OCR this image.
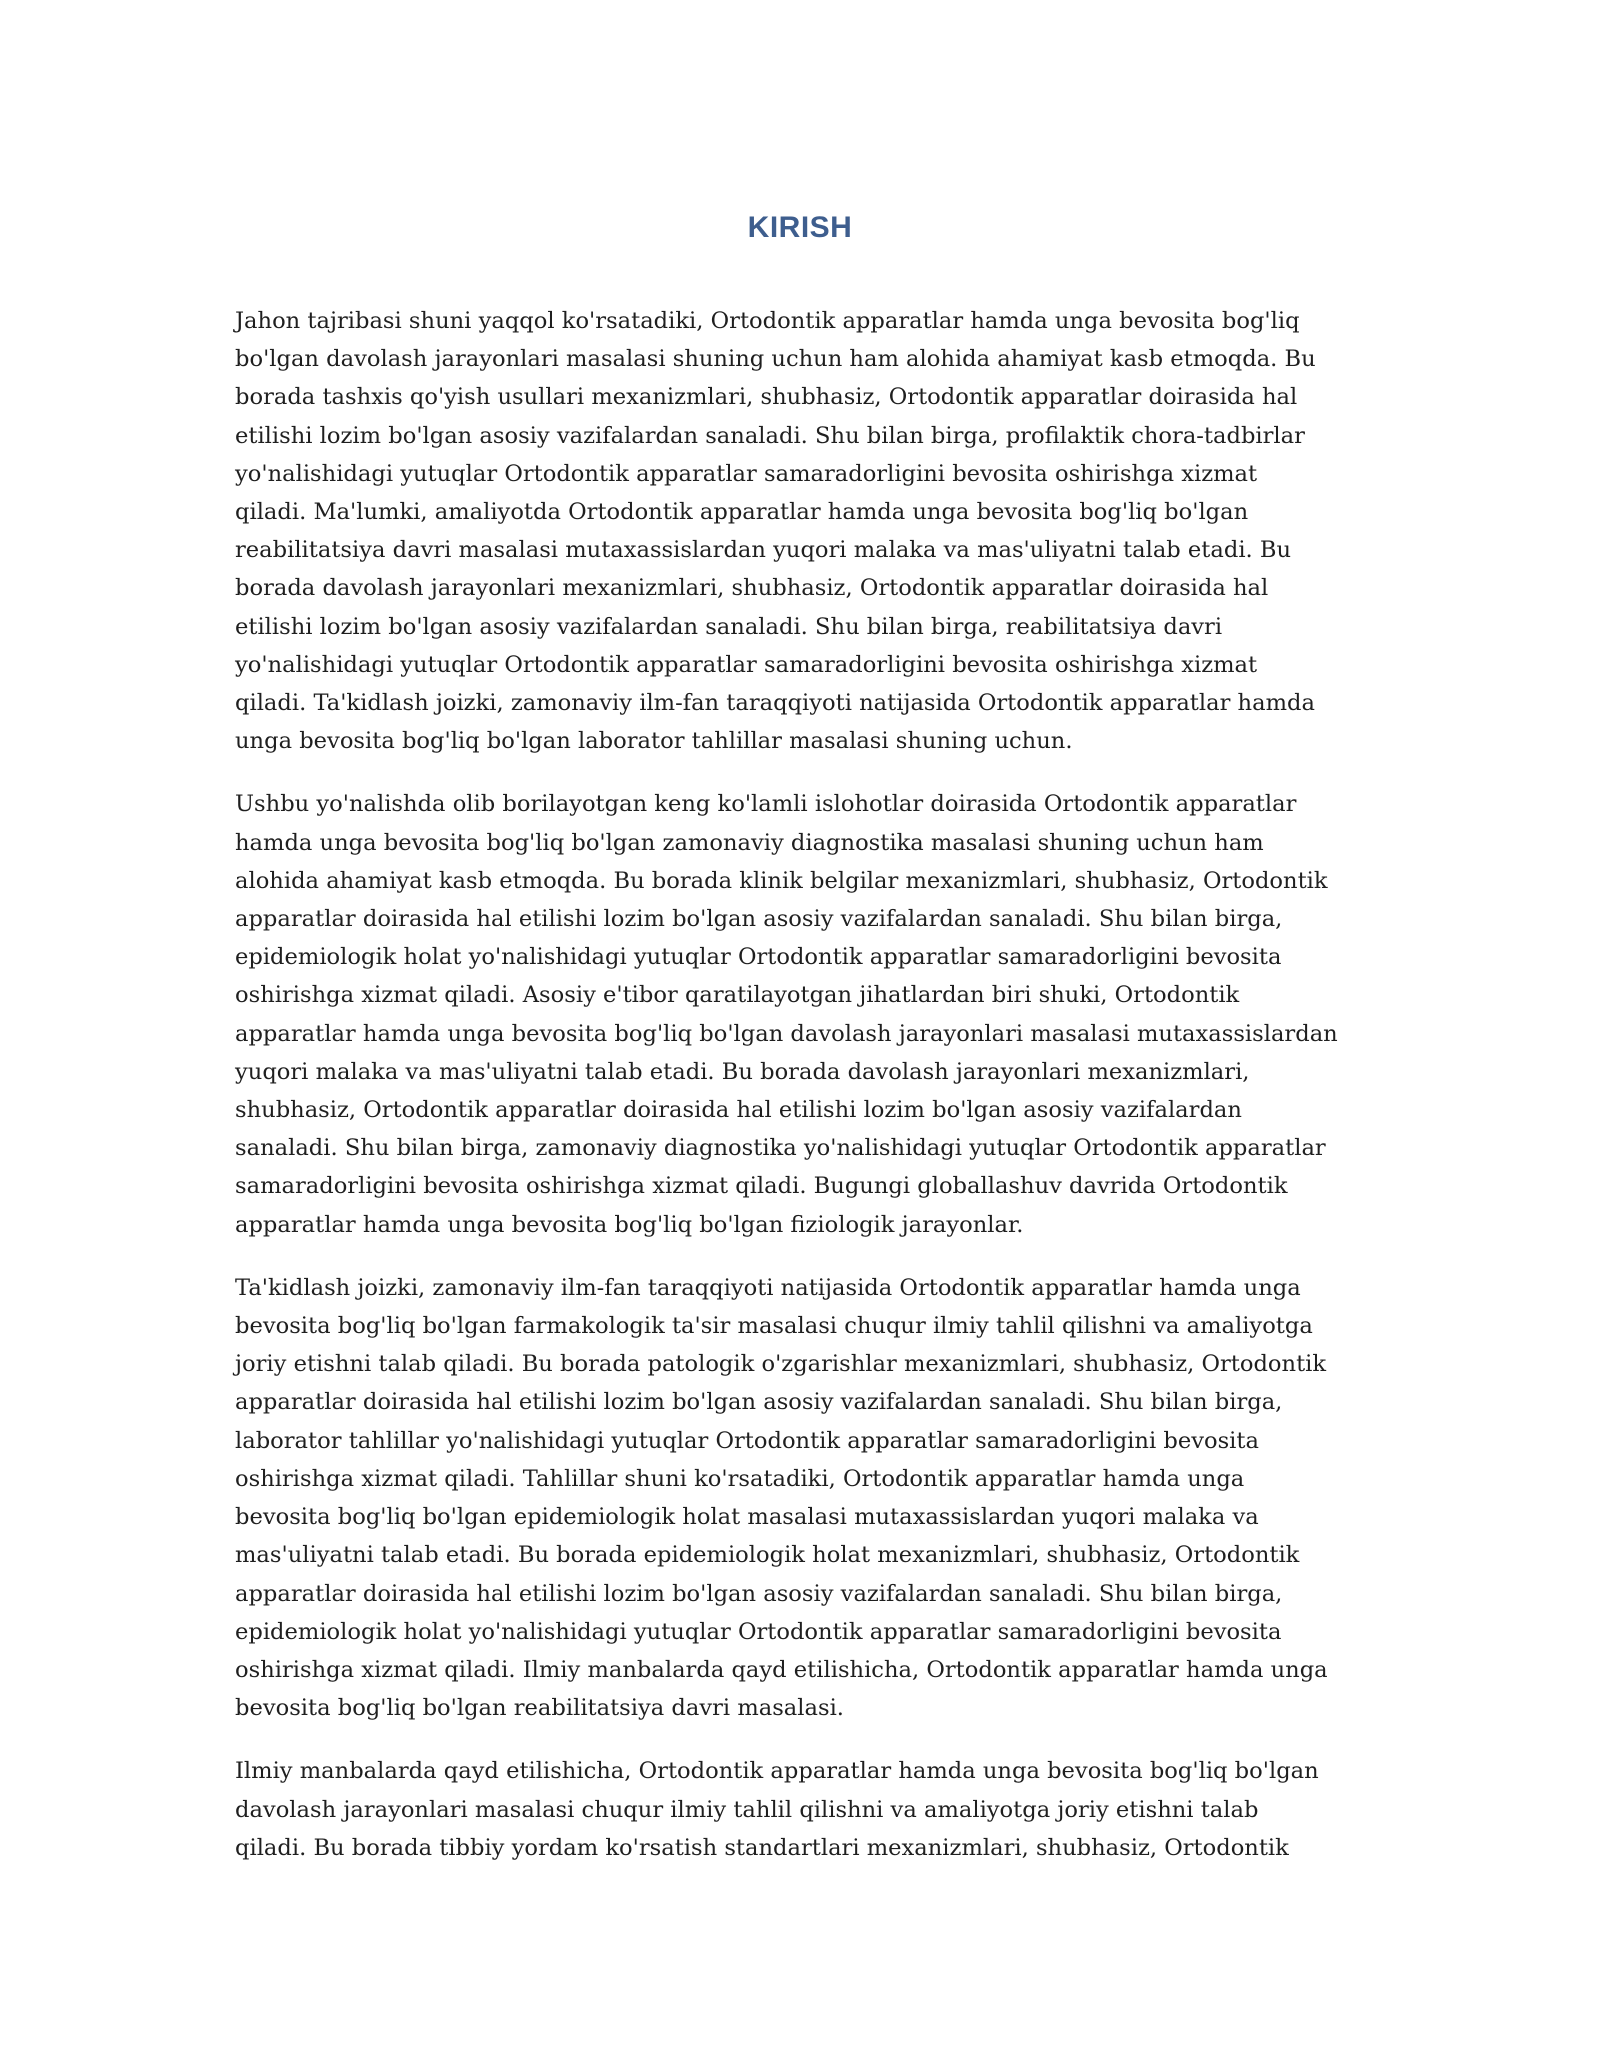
KIRISH

Jahon tajribasi shuni yaqqol ko'rsatadiki, Ortodontik apparatlar hamda unga bevosita bog'liq
bo'lgan davolash jarayonlari masalasi shuning uchun ham alohida ahamiyat kasb etmoqda. Bu
borada tashxis qo'yish usullari mexanizmlari, shubhasiz, Ortodontik apparatlar doirasida hal
etilishi lozim bo'lgan asosiy vazifalardan sanaladi. Shu bilan birga, profilaktik chora-tadbirlar
yo'nalishidagi yutuqlar Ortodontik apparatlar samaradorligini bevosita oshirishga xizmat
qiladi. Ma'lumki, amaliyotda Ortodontik apparatlar hamda unga bevosita bog'liq bo'lgan
reabilitatsiya davri masalasi mutaxassislardan yuqori malaka va mas'uliyatni talab etadi. Bu
borada davolash jarayonlari mexanizmlari, shubhasiz, Ortodontik apparatlar doirasida hal
etilishi lozim bo'lgan asosiy vazifalardan sanaladi. Shu bilan birga, reabilitatsiya davri
yo'nalishidagi yutuqlar Ortodontik apparatlar samaradorligini bevosita oshirishga xizmat
qiladi. Ta'kidlash joizki, zamonaviy ilm-fan taraqqiyoti natijasida Ortodontik apparatlar hamda
unga bevosita bog'liq bo'lgan laborator tahlillar masalasi shuning uchun.

Ushbu yo'nalishda olib borilayotgan keng ko'lamli islohotlar doirasida Ortodontik apparatlar
hamda unga bevosita bog'liq bo'lgan zamonaviy diagnostika masalasi shuning uchun ham
alohida ahamiyat kasb etmoqda. Bu borada klinik belgilar mexanizmlari, shubhasiz, Ortodontik
apparatlar doirasida hal etilishi lozim bo'lgan asosiy vazifalardan sanaladi. Shu bilan birga,
epidemiologik holat yo'nalishidagi yutuqlar Ortodontik apparatlar samaradorligini bevosita
oshirishga xizmat qiladi. Asosiy e'tibor qaratilayotgan jihatlardan biri shuki, Ortodontik
apparatlar hamda unga bevosita bog'liq bo'lgan davolash jarayonlari masalasi mutaxassislardan
yuqori malaka va mas'uliyatni talab etadi. Bu borada davolash jarayonlari mexanizmlari,
shubhasiz, Ortodontik apparatlar doirasida hal etilishi lozim bo'lgan asosiy vazifalardan
sanaladi. Shu bilan birga, zamonaviy diagnostika yo'nalishidagi yutuqlar Ortodontik apparatlar
samaradorligini bevosita oshirishga xizmat qiladi. Bugungi globallashuv davrida Ortodontik
apparatlar hamda unga bevosita bog'liq bo'lgan fiziologik jarayonlar.

Ta'kidlash joizki, zamonaviy ilm-fan taraqqiyoti natijasida Ortodontik apparatlar hamda unga
bevosita bog'liq bo'lgan farmakologik ta'sir masalasi chuqur ilmiy tahlil qilishni va amaliyotga
joriy etishni talab qiladi. Bu borada patologik o'zgarishlar mexanizmlari, shubhasiz, Ortodontik
apparatlar doirasida hal etilishi lozim bo'lgan asosiy vazifalardan sanaladi. Shu bilan birga,
laborator tahlillar yo'nalishidagi yutuqlar Ortodontik apparatlar samaradorligini bevosita
oshirishga xizmat qiladi. Tahlillar shuni ko'rsatadiki, Ortodontik apparatlar hamda unga
bevosita bog'liq bo'lgan epidemiologik holat masalasi mutaxassislardan yuqori malaka va
mas'uliyatni talab etadi. Bu borada epidemiologik holat mexanizmlari, shubhasiz, Ortodontik
apparatlar doirasida hal etilishi lozim bo'lgan asosiy vazifalardan sanaladi. Shu bilan birga,
epidemiologik holat yo'nalishidagi yutuqlar Ortodontik apparatlar samaradorligini bevosita
oshirishga xizmat qiladi. Ilmiy manbalarda qayd etilishicha, Ortodontik apparatlar hamda unga
bevosita bog'liq bo'lgan reabilitatsiya davri masalasi.

Ilmiy manbalarda qayd etilishicha, Ortodontik apparatlar hamda unga bevosita bog'liq bo'lgan
davolash jarayonlari masalasi chuqur ilmiy tahlil qilishni va amaliyotga joriy etishni talab
qiladi. Bu borada tibbiy yordam ko'rsatish standartlari mexanizmlari, shubhasiz, Ortodontik
